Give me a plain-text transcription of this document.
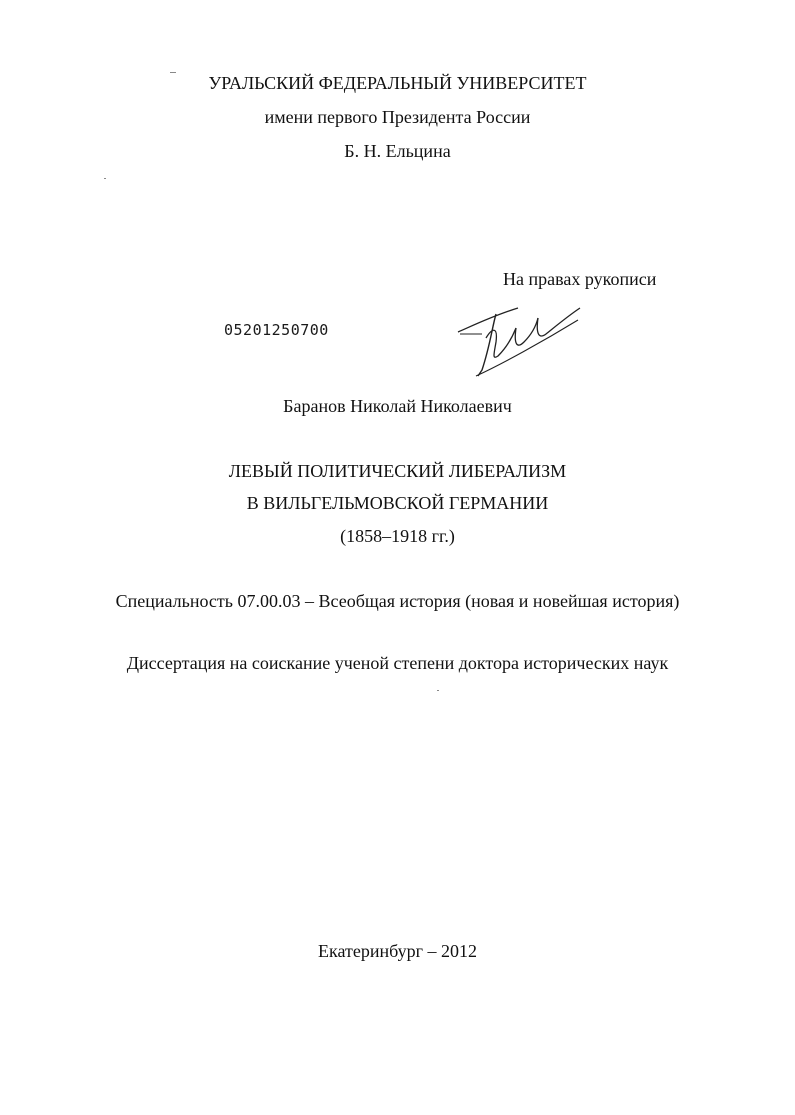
УРАЛЬСКИЙ ФЕДЕРАЛЬНЫЙ УНИВЕРСИТЕТ
имени первого Президента России
Б. Н. Ельцина
На правах рукописи
05201250700
Баранов Николай Николаевич
ЛЕВЫЙ ПОЛИТИЧЕСКИЙ ЛИБЕРАЛИЗМ
В ВИЛЬГЕЛЬМОВСКОЙ ГЕРМАНИИ
(1858–1918 гг.)
Специальность 07.00.03 – Всеобщая история (новая и новейшая история)
Диссертация на соискание ученой степени доктора исторических наук
Екатеринбург – 2012
